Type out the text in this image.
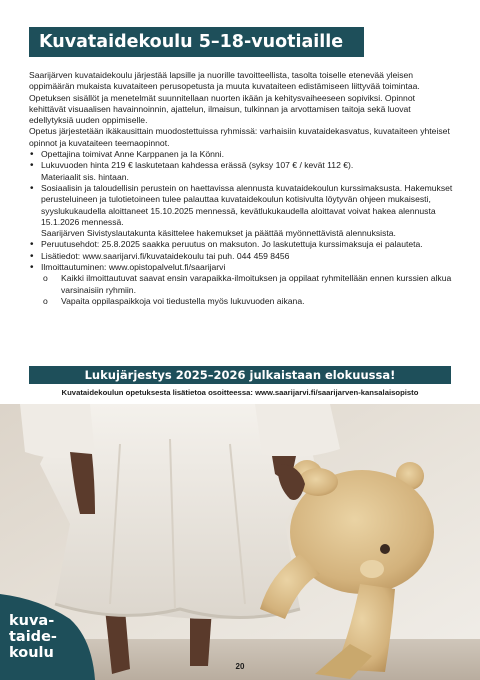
Kuvataidekoulu 5–18-vuotiaille

Saarijärven kuvataidekoulu järjestää lapsille ja nuorille tavoitteellista, tasolta toiselle etenevää yleisen oppimäärän mukaista kuvataiteen perusopetusta ja muuta kuvataiteen edistämiseen liittyvää toimintaa. Opetuksen sisällöt ja menetelmät suunnitellaan nuorten ikään ja kehitysvaiheeseen sopiviksi. Opinnot kehittävät visuaalisen havainnoinnin, ajattelun, ilmaisun, tulkinnan ja arvottamisen taitoja sekä luovat edellytyksiä uuden oppimiselle.

Opetus järjestetään ikäkausittain muodostettuissa ryhmissä: varhaisiin kuvataidekasvatus, kuvataiteen yhteiset opinnot ja kuvataiteen teemaopinnot.

• Opettajina toimivat Anne Karppanen ja Ia Könni.
• Lukuvuoden hinta 219 € laskutetaan kahdessa erässä (syksy 107 € / kevät 112 €).
Materiaalit sis. hintaan.
• Sosiaalisin ja taloudellisin perustein on haettavissa alennusta kuvataidekoulun kurssimaksusta. Hakemukset perusteluineen ja tulotietoineen tulee palauttaa kuvataidekoulun kotisivulta löytyvän ohjeen mukaisesti, syyslukukaudella aloittaneet 15.10.2025 mennessä, kevätlukukaudella aloittavat voivat hakea alennusta 15.1.2026 mennessä.
Saarijärven Sivistyslautakunta käsittelee hakemukset ja päättää myönnettävistä alennuksista.
• Peruutusehdot: 25.8.2025 saakka peruutus on maksuton. Jo laskutettuja kurssimaksuja ei palauteta.
• Lisätiedot: www.saarijarvi.fi/kuvataidekoulu tai puh. 044 459 8456
• Ilmoittautuminen: www.opistopalvelut.fi/saarijarvi
o Kaikki ilmoittautuvat saavat ensin varapaikka-ilmoituksen ja oppilaat ryhmitellään ennen kurssien alkua varsinaisiin ryhmiin.
o Vapaita oppilaspaikkoja voi tiedustella myös lukuvuoden aikana.
Lukujärjestys 2025–2026 julkaistaan elokuussa!
Kuvataidekoulun opetuksesta lisätietoa osoitteessa: www.saarijarvi.fi/saarijarven-kansalaisopisto
kuva-
taide-
koulu
20
